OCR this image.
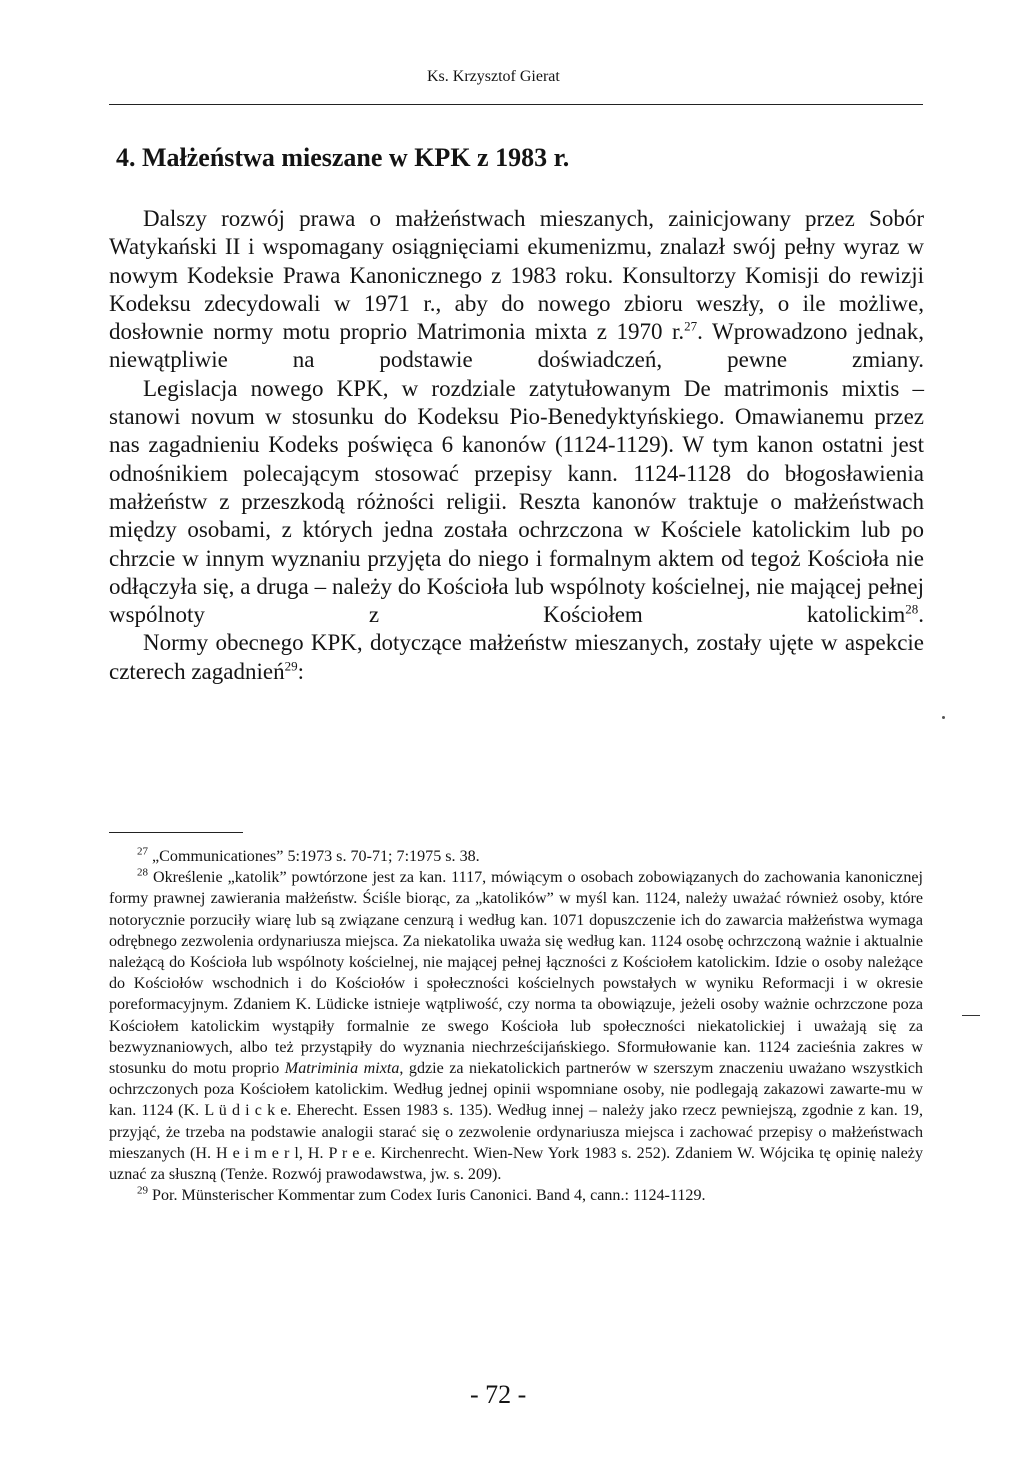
Ks. Krzysztof Gierat
4. Małżeństwa mieszane w KPK z 1983 r.

Dalszy rozwój prawa o małżeństwach mieszanych, zainicjowany przez Sobór Watykański II i wspomagany osiągnięciami ekumenizmu, znalazł swój pełny wyraz w nowym Kodeksie Prawa Kanonicznego z 1983 roku. Konsultorzy Komisji do rewizji Kodeksu zdecydowali w 1971 r., aby do nowego zbioru weszły, o ile możliwe, dosłownie normy motu proprio Matrimonia mixta z 1970 r.$^{27}$. Wprowadzono jednak, niewątpliwie na podstawie doświadczeń, pewne zmiany.

Legislacja nowego KPK, w rozdziale zatytułowanym De matrimonis mixtis – stanowi novum w stosunku do Kodeksu Pio-Benedyktyńskiego. Omawianemu przez nas zagadnieniu Kodeks poświęca 6 kanonów (1124-1129). W tym kanon ostatni jest odnośnikiem polecającym stosować przepisy kann. 1124-1128 do błogosławienia małżeństw z przeszkodą różności religii. Reszta kanonów traktuje o małżeństwach między osobami, z których jedna została ochrzczona w Kościele katolickim lub po chrzcie w innym wyznaniu przyjęta do niego i formalnym aktem od tegoż Kościoła nie odłączyła się, a druga – należy do Kościoła lub wspólnoty kościelnej, nie mającej pełnej wspólnoty z Kościołem katolickim$^{28}$.

Normy obecnego KPK, dotyczące małżeństw mieszanych, zostały ujęte w aspekcie czterech zagadnień$^{29}$:

$^{27}$ „Communicationes” 5:1973 s. 70-71; 7:1975 s. 38.

$^{28}$ Określenie „katolik” powtórzone jest za kan. 1117, mówiącym o osobach zobowiązanych do zachowania kanonicznej formy prawnej zawierania małżeństw. Ściśle biorąc, za „katolików” w myśl kan. 1124, należy uważać również osoby, które notorycznie porzuciły wiarę lub są związane cenzurą i według kan. 1071 dopuszczenie ich do zawarcia małżeństwa wymaga odrębnego zezwolenia ordynariusza miejsca. Za niekatolika uważa się według kan. 1124 osobę ochrzczoną ważnie i aktualnie należącą do Kościoła lub wspólnoty kościelnej, nie mającej pełnej łączności z Kościołem katolickim. Idzie o osoby należące do Kościołów wschodnich i do Kościołów i społeczności kościelnych powstałych w wyniku Reformacji i w okresie poreformacyjnym. Zdaniem K. Lüdicke istnieje wątpliwość, czy norma ta obowiązuje, jeżeli osoby ważnie ochrzczone poza Kościołem katolickim wystąpiły formalnie ze swego Kościoła lub społeczności niekatolickiej i uważają się za bezwyznaniowych, albo też przystąpiły do wyznania niechrześcijańskiego. Sformułowanie kan. 1124 zacieśnia zakres w stosunku do motu proprio Matriminia mixta, gdzie za niekatolickich partnerów w szerszym znaczeniu uważano wszystkich ochrzczonych poza Kościołem katolickim. Według jednej opinii wspomniane osoby, nie podlegają zakazowi zawarte-mu w kan. 1124 (K. L ü d i c k e. Eherecht. Essen 1983 s. 135). Według innej – należy jako rzecz pewniejszą, zgodnie z kan. 19, przyjąć, że trzeba na podstawie analogii starać się o zezwolenie ordynariusza miejsca i zachować przepisy o małżeństwach mieszanych (H. H e i m e r l, H. P r e e. Kirchenrecht. Wien-New York 1983 s. 252). Zdaniem W. Wójcika tę opinię należy uznać za słuszną (Tenże. Rozwój prawodawstwa, jw. s. 209).

$^{29}$ Por. Münsterischer Kommentar zum Codex Iuris Canonici. Band 4, cann.: 1124-1129.

- 72 -
